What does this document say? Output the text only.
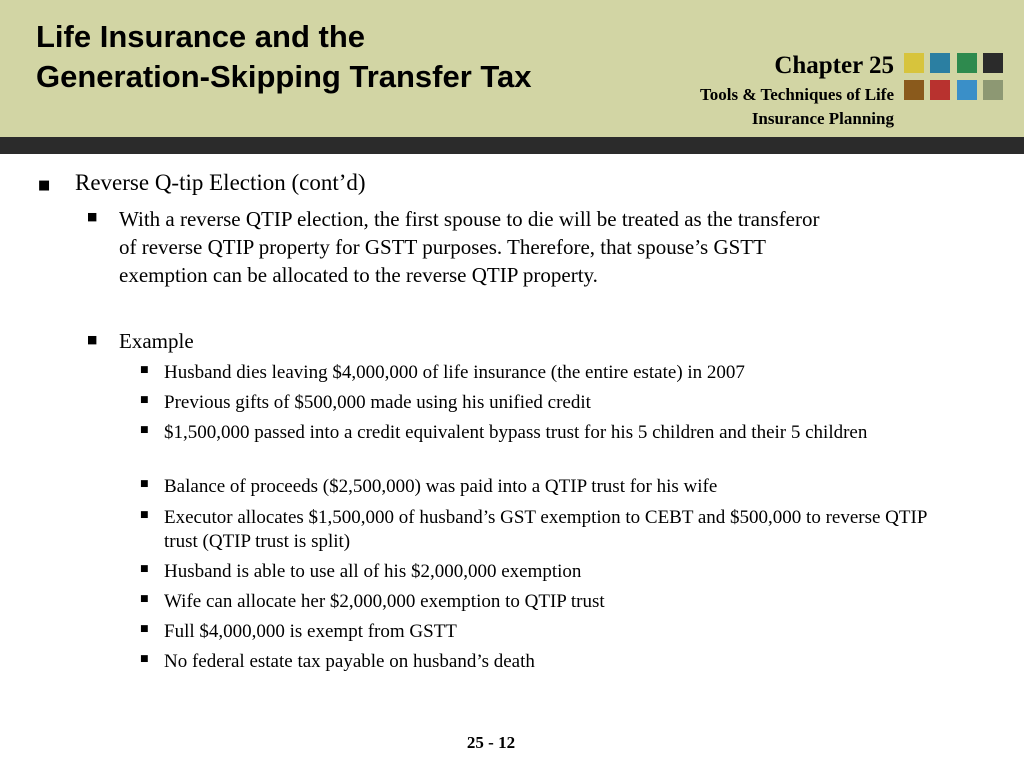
Life Insurance and the
Generation-Skipping Transfer Tax	Chapter 25

Tools & Techniques of Life

Insurance Planning

■ Reverse Q-tip Election (cont’d)
■ With a reverse QTIP election, the first spouse to die will be treated as the transferor
of reverse QTIP property for GSTT purposes. Therefore, that spouse’s GSTT
exemption can be allocated to the reverse QTIP property.
■ Example
■ Husband dies leaving $4,000,000 of life insurance (the entire estate) in 2007
■ Previous gifts of $500,000 made using his unified credit
■ $1,500,000 passed into a credit equivalent bypass trust for his 5 children and their 5 children
■ Balance of proceeds ($2,500,000) was paid into a QTIP trust for his wife
■ Executor allocates $1,500,000 of husband’s GST exemption to CEBT and $500,000 to reverse QTIP trust (QTIP trust is split)
■ Husband is able to use all of his $2,000,000 exemption
■ Wife can allocate her $2,000,000 exemption to QTIP trust
■ Full $4,000,000 is exempt from GSTT
■ No federal estate tax payable on husband’s death

25 - 12
